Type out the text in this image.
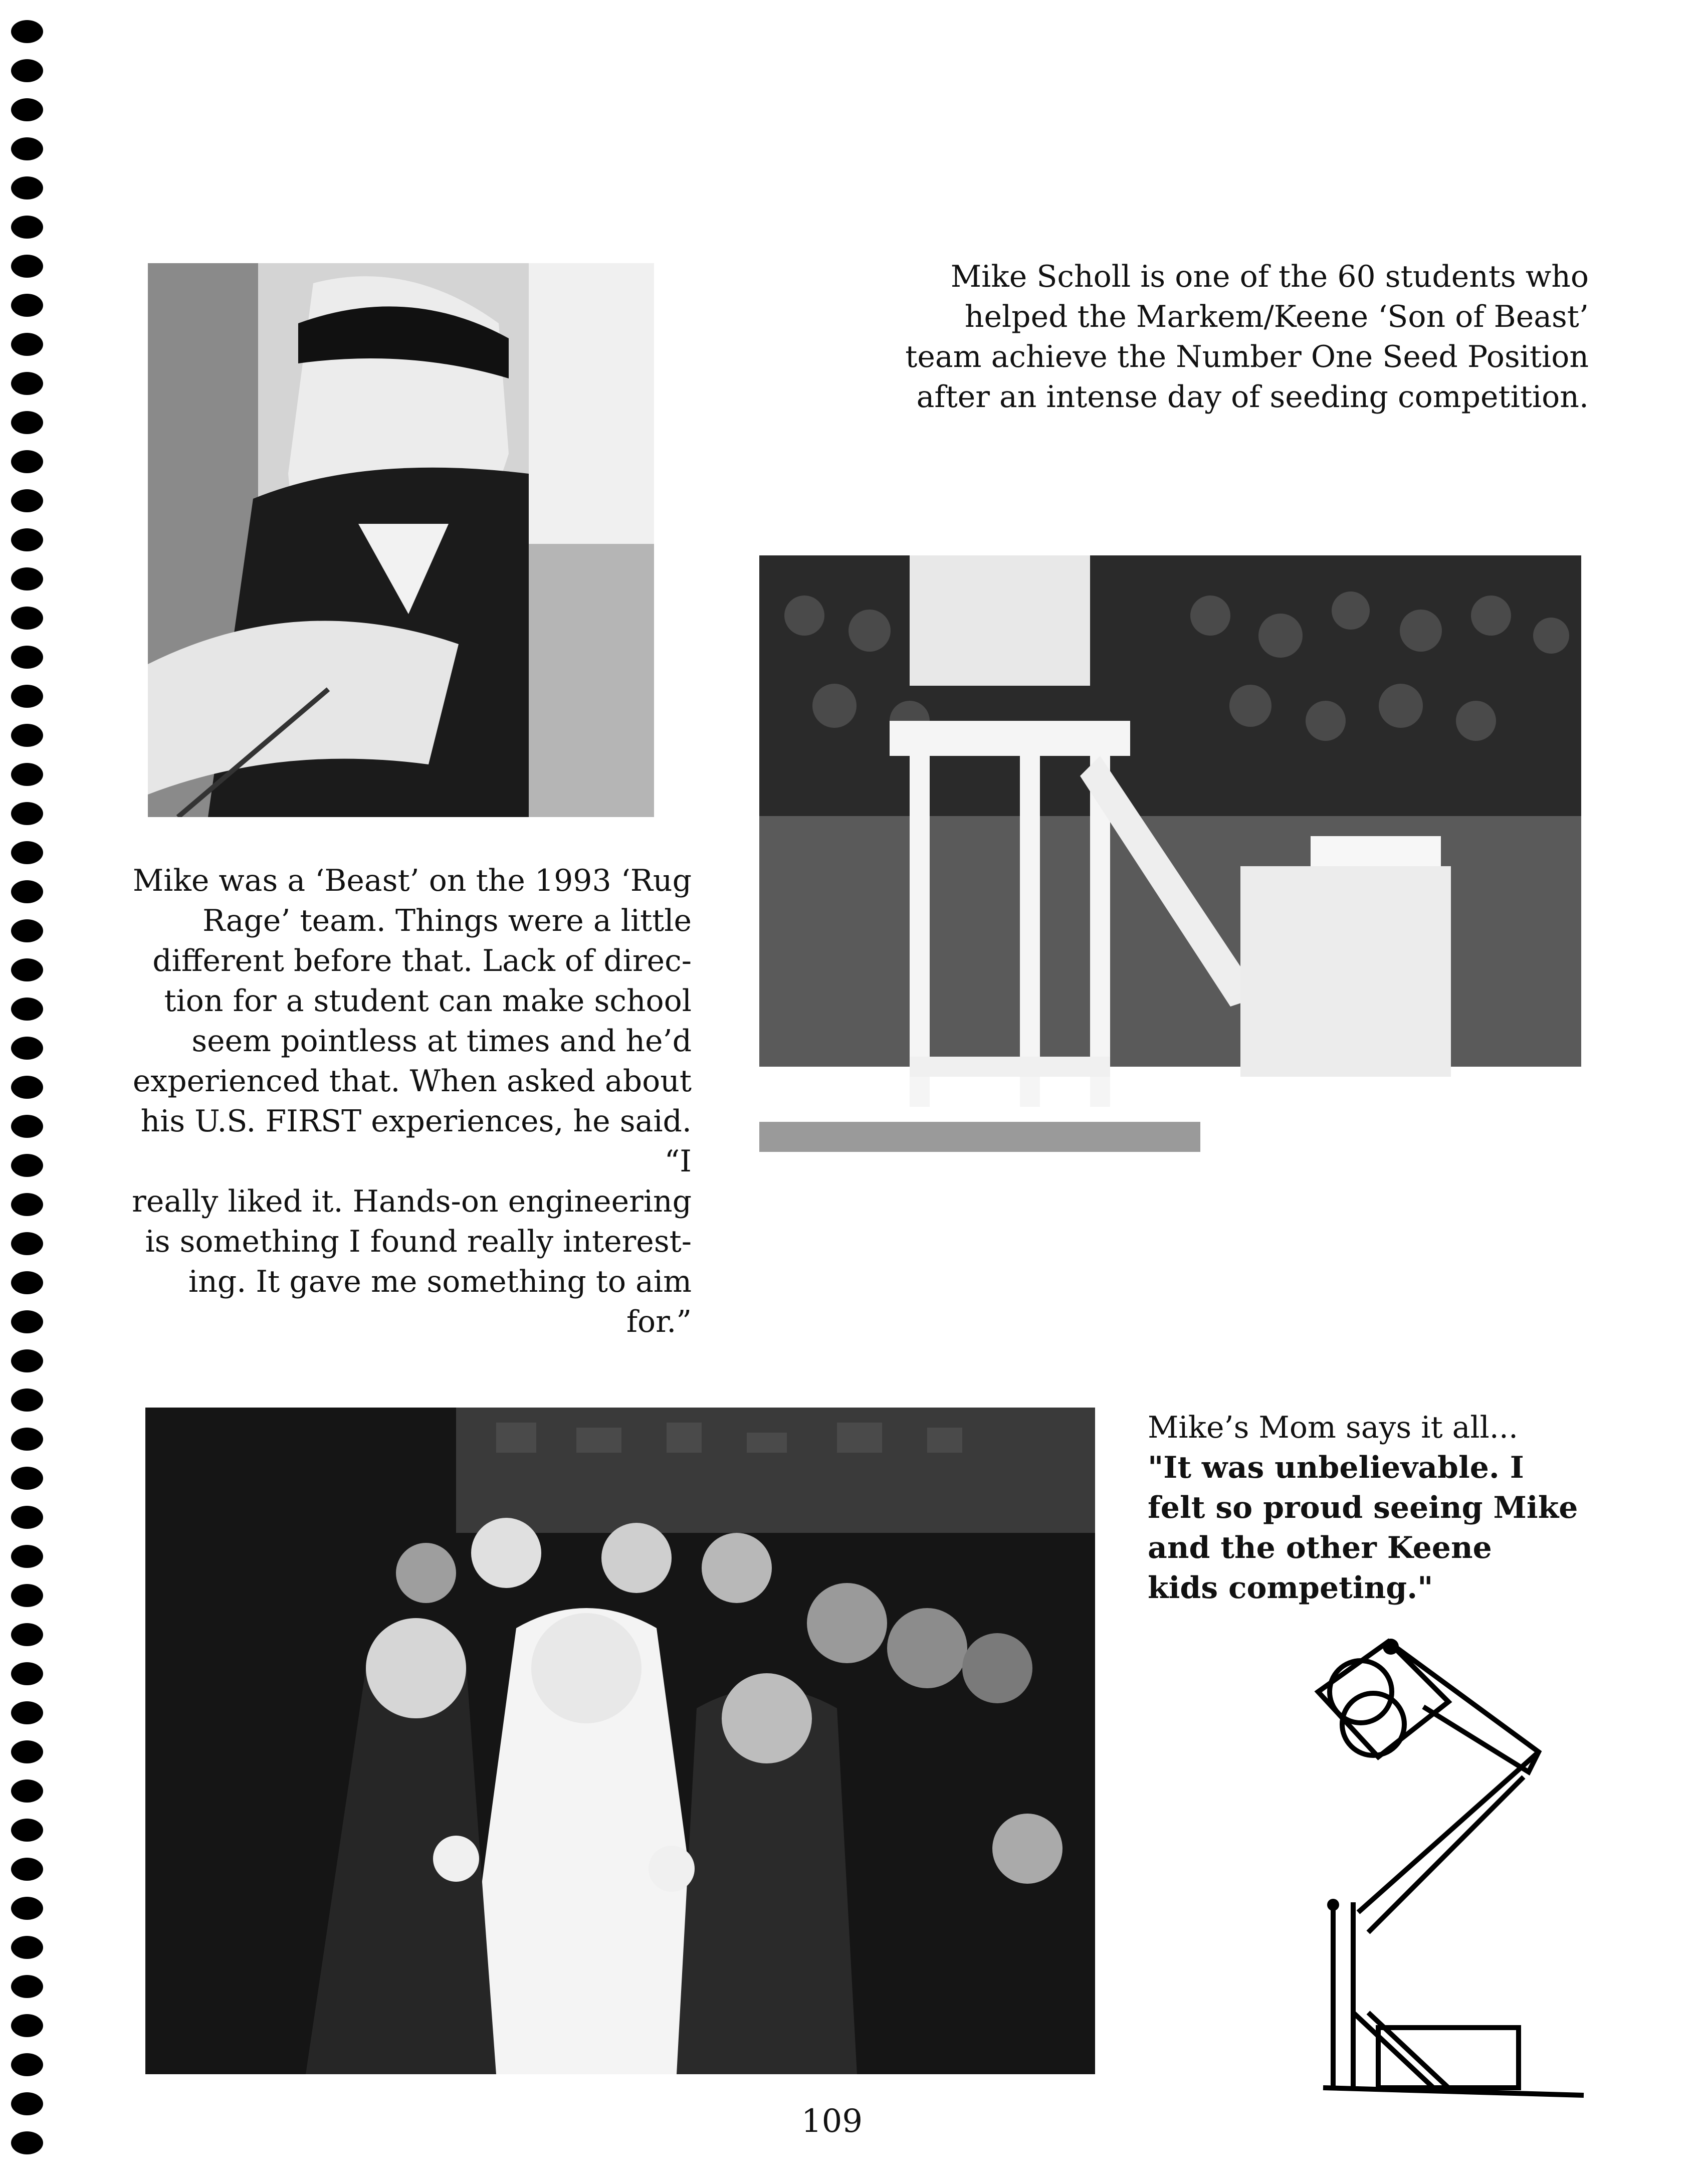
Mike Scholl is one of the 60 students who
helped the Markem/Keene ‘Son of Beast’
team achieve the Number One Seed Position
after an intense day of seeding competition.
Mike was a ‘Beast’ on the 1993 ‘Rug
Rage’ team. Things were a little
different before that. Lack of direc-
tion for a student can make school
seem pointless at times and he’d
experienced that. When asked about
his U.S. FIRST experiences, he said. “I
really liked it. Hands-on engineering
is something I found really interest-
ing. It gave me something to aim for.”
Mike’s Mom says it all...
"It was unbelievable. I
felt so proud seeing Mike
and the other Keene
kids competing."
109
